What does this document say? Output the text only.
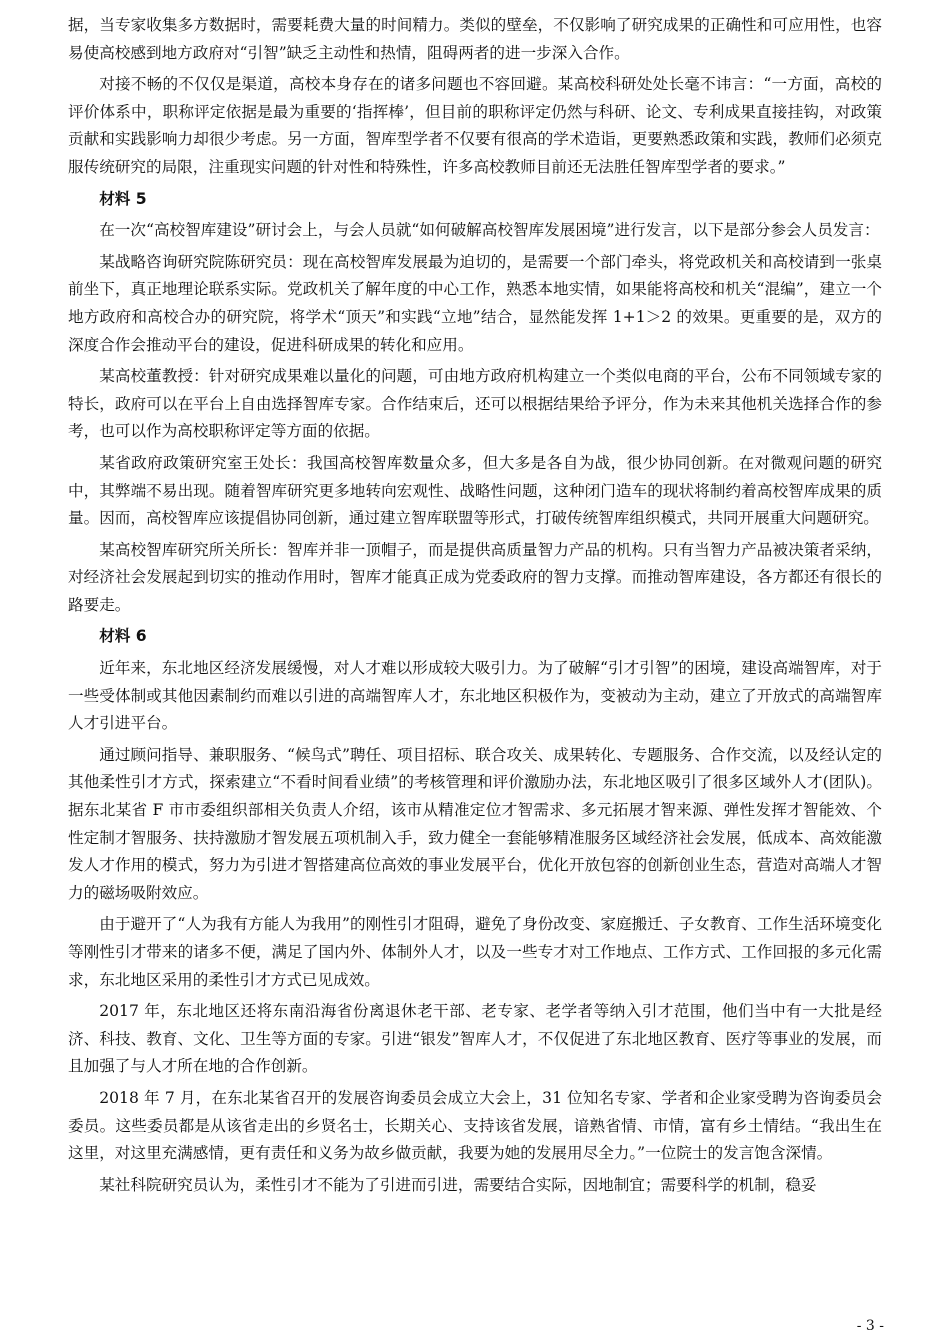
据，当专家收集多方数据时，需要耗费大量的时间精力。类似的壁垒，不仅影响了研究成果的正确性和可应用性，也容易使高校感到地方政府对“引智”缺乏主动性和热情，阻碍两者的进一步深入合作。

对接不畅的不仅仅是渠道，高校本身存在的诸多问题也不容回避。某高校科研处处长毫不讳言：“一方面，高校的评价体系中，职称评定依据是最为重要的‘指挥棒’，但目前的职称评定仍然与科研、论文、专利成果直接挂钩，对政策贡献和实践影响力却很少考虑。另一方面，智库型学者不仅要有很高的学术造诣，更要熟悉政策和实践，教师们必须克服传统研究的局限，注重现实问题的针对性和特殊性，许多高校教师目前还无法胜任智库型学者的要求。”

材料 5

在一次“高校智库建设”研讨会上，与会人员就“如何破解高校智库发展困境”进行发言，以下是部分参会人员发言：

某战略咨询研究院陈研究员：现在高校智库发展最为迫切的，是需要一个部门牵头，将党政机关和高校请到一张桌前坐下，真正地理论联系实际。党政机关了解年度的中心工作，熟悉本地实情，如果能将高校和机关“混编”，建立一个地方政府和高校合办的研究院，将学术“顶天”和实践“立地”结合，显然能发挥 1+1＞2 的效果。更重要的是，双方的深度合作会推动平台的建设，促进科研成果的转化和应用。

某高校董教授：针对研究成果难以量化的问题，可由地方政府机构建立一个类似电商的平台，公布不同领域专家的特长，政府可以在平台上自由选择智库专家。合作结束后，还可以根据结果给予评分，作为未来其他机关选择合作的参考，也可以作为高校职称评定等方面的依据。

某省政府政策研究室王处长：我国高校智库数量众多，但大多是各自为战，很少协同创新。在对微观问题的研究中，其弊端不易出现。随着智库研究更多地转向宏观性、战略性问题，这种闭门造车的现状将制约着高校智库成果的质量。因而，高校智库应该提倡协同创新，通过建立智库联盟等形式，打破传统智库组织模式，共同开展重大问题研究。

某高校智库研究所关所长：智库并非一顶帽子，而是提供高质量智力产品的机构。只有当智力产品被决策者采纳，对经济社会发展起到切实的推动作用时，智库才能真正成为党委政府的智力支撑。而推动智库建设，各方都还有很长的路要走。

材料 6

近年来，东北地区经济发展缓慢，对人才难以形成较大吸引力。为了破解“引才引智”的困境，建设高端智库，对于一些受体制或其他因素制约而难以引进的高端智库人才，东北地区积极作为，变被动为主动，建立了开放式的高端智库人才引进平台。

通过顾问指导、兼职服务、“候鸟式”聘任、项目招标、联合攻关、成果转化、专题服务、合作交流，以及经认定的其他柔性引才方式，探索建立“不看时间看业绩”的考核管理和评价激励办法，东北地区吸引了很多区域外人才(团队)。据东北某省 F 市市委组织部相关负责人介绍，该市从精准定位才智需求、多元拓展才智来源、弹性发挥才智能效、个性定制才智服务、扶持激励才智发展五项机制入手，致力健全一套能够精准服务区域经济社会发展，低成本、高效能激发人才作用的模式，努力为引进才智搭建高位高效的事业发展平台，优化开放包容的创新创业生态，营造对高端人才智力的磁场吸附效应。

由于避开了“人为我有方能人为我用”的刚性引才阻碍，避免了身份改变、家庭搬迁、子女教育、工作生活环境变化等刚性引才带来的诸多不便，满足了国内外、体制外人才，以及一些专才对工作地点、工作方式、工作回报的多元化需求，东北地区采用的柔性引才方式已见成效。

2017 年，东北地区还将东南沿海省份离退休老干部、老专家、老学者等纳入引才范围，他们当中有一大批是经济、科技、教育、文化、卫生等方面的专家。引进“银发”智库人才，不仅促进了东北地区教育、医疗等事业的发展，而且加强了与人才所在地的合作创新。

2018 年 7 月，在东北某省召开的发展咨询委员会成立大会上，31 位知名专家、学者和企业家受聘为咨询委员会委员。这些委员都是从该省走出的乡贤名士，长期关心、支持该省发展，谙熟省情、市情，富有乡土情结。“我出生在这里，对这里充满感情，更有责任和义务为故乡做贡献，我要为她的发展用尽全力。”一位院士的发言饱含深情。

某社科院研究员认为，柔性引才不能为了引进而引进，需要结合实际，因地制宜；需要科学的机制，稳妥

- 3 -
